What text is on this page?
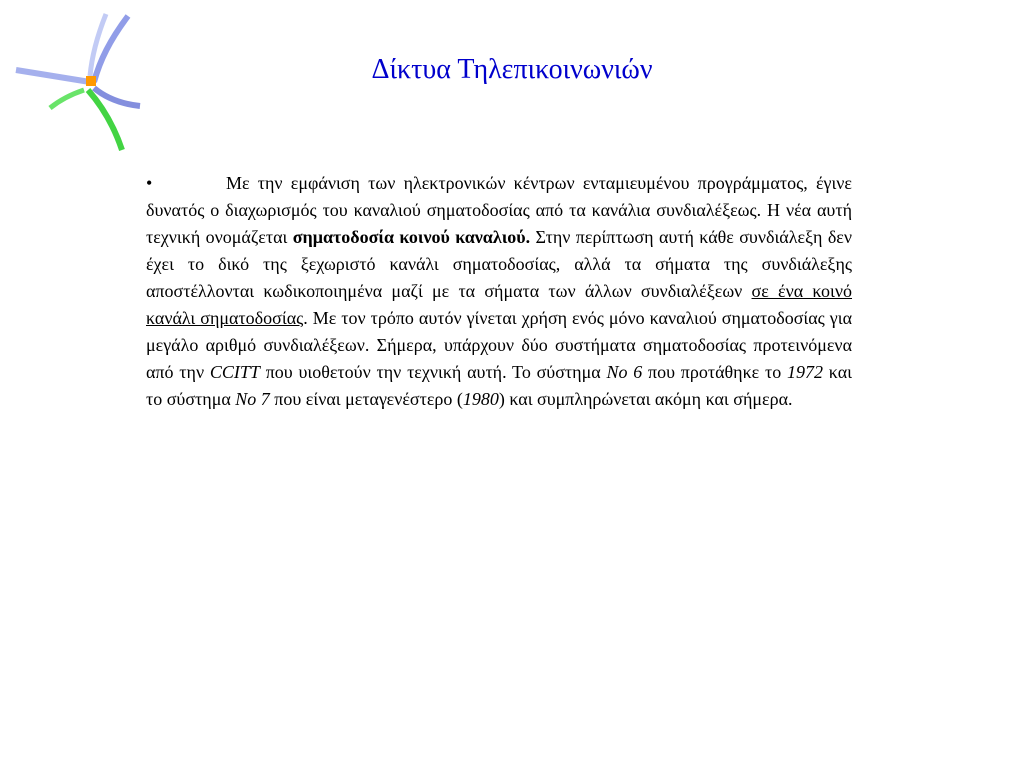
Δίκτυα Τηλεπικοινωνιών
•	Με την εμφάνιση των ηλεκτρονικών κέντρων ενταμιευμένου προγράμματος, έγινε δυνατός ο διαχωρισμός του καναλιού σηματοδοσίας από τα κανάλια συνδιαλέξεως. Η νέα αυτή τεχνική ονομάζεται σηματοδοσία κοινού καναλιού. Στην περίπτωση αυτή κάθε συνδιάλεξη δεν έχει το δικό της ξεχωριστό κανάλι σηματοδοσίας, αλλά τα σήματα της συνδιάλεξης αποστέλλονται κωδικοποιημένα μαζί με τα σήματα των άλλων συνδιαλέξεων σε ένα κοινό κανάλι σηματοδοσίας. Με τον τρόπο αυτόν γίνεται χρήση ενός μόνο καναλιού σηματοδοσίας για μεγάλο αριθμό συνδιαλέξεων. Σήμερα, υπάρχουν δύο συστήματα σηματοδοσίας προτεινόμενα από την CCITT που υιοθετούν την τεχνική αυτή. Το σύστημα Νο 6 που προτάθηκε το 1972 και το σύστημα Νο 7 που είναι μεταγενέστερο (1980) και συμπληρώνεται ακόμη και σήμερα.
